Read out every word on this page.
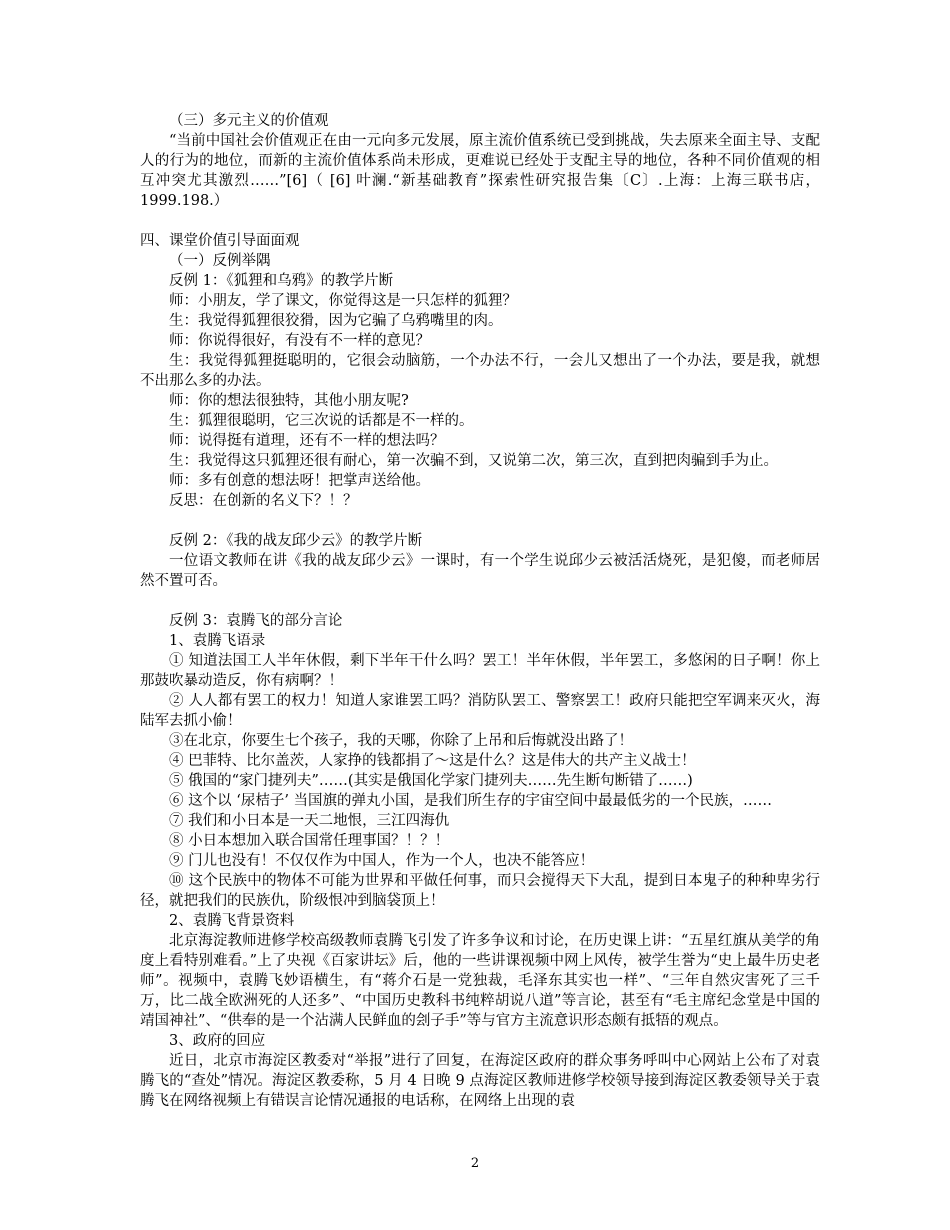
（三）多元主义的价值观

“当前中国社会价值观正在由一元向多元发展，原主流价值系统已受到挑战，失去原来全面主导、支配人的行为的地位，而新的主流价值体系尚未形成，更难说已经处于支配主导的地位，各种不同价值观的相互冲突尤其激烈……”[6]（ [6] 叶澜.“新基础教育”探索性研究报告集〔C〕.上海：上海三联书店，1999.198.）

四、课堂价值引导面面观

（一）反例举隅

反例 1：《狐狸和乌鸦》的教学片断

师：小朋友，学了课文，你觉得这是一只怎样的狐狸？

生：我觉得狐狸很狡猾，因为它骗了乌鸦嘴里的肉。

师：你说得很好，有没有不一样的意见？

生：我觉得狐狸挺聪明的，它很会动脑筋，一个办法不行，一会儿又想出了一个办法，要是我，就想不出那么多的办法。

师：你的想法很独特，其他小朋友呢?

生：狐狸很聪明，它三次说的话都是不一样的。

师：说得挺有道理，还有不一样的想法吗？

生：我觉得这只狐狸还很有耐心，第一次骗不到，又说第二次，第三次，直到把肉骗到手为止。

师：多有创意的想法呀！把掌声送给他。

反思：在创新的名义下？！？

反例 2：《我的战友邱少云》的教学片断

一位语文教师在讲《我的战友邱少云》一课时，有一个学生说邱少云被活活烧死，是犯傻，而老师居然不置可否。

反例 3：袁腾飞的部分言论

1、袁腾飞语录

① 知道法国工人半年休假，剩下半年干什么吗？罢工！半年休假，半年罢工，多悠闲的日子啊！你上那鼓吹暴动造反，你有病啊？！

② 人人都有罢工的权力！知道人家谁罢工吗？消防队罢工、警察罢工！政府只能把空军调来灭火，海陆军去抓小偷！

③在北京，你要生七个孩子，我的天哪，你除了上吊和后悔就没出路了！

④ 巴菲特、比尔盖茨，人家挣的钱都捐了～这是什么？这是伟大的共产主义战士！

⑤ 俄国的“家门捷列夫”……(其实是俄国化学家门捷列夫……先生断句断错了……)

⑥ 这个以 ‘尿桔子’ 当国旗的弹丸小国，是我们所生存的宇宙空间中最最低劣的一个民族，……

⑦ 我们和小日本是一天二地恨，三江四海仇

⑧ 小日本想加入联合国常任理事国？！？！

⑨ 门儿也没有！不仅仅作为中国人，作为一个人，也决不能答应！

⑩ 这个民族中的物体不可能为世界和平做任何事，而只会搅得天下大乱，提到日本鬼子的种种卑劣行径，就把我们的民族仇，阶级恨冲到脑袋顶上！

2、袁腾飞背景资料

北京海淀教师进修学校高级教师袁腾飞引发了许多争议和讨论，在历史课上讲：“五星红旗从美学的角度上看特别难看。”上了央视《百家讲坛》后，他的一些讲课视频中网上风传，被学生誉为“史上最牛历史老师”。视频中，袁腾飞妙语横生，有“蒋介石是一党独裁，毛泽东其实也一样”、“三年自然灾害死了三千万，比二战全欧洲死的人还多”、“中国历史教科书纯粹胡说八道”等言论，甚至有“毛主席纪念堂是中国的靖国神社”、“供奉的是一个沾满人民鲜血的刽子手”等与官方主流意识形态颇有抵牾的观点。

3、政府的回应

近日，北京市海淀区教委对“举报”进行了回复，在海淀区政府的群众事务呼叫中心网站上公布了对袁腾飞的“查处”情况。海淀区教委称，5 月 4 日晚 9 点海淀区教师进修学校领导接到海淀区教委领导关于袁腾飞在网络视频上有错误言论情况通报的电话称，在网络上出现的袁

2
